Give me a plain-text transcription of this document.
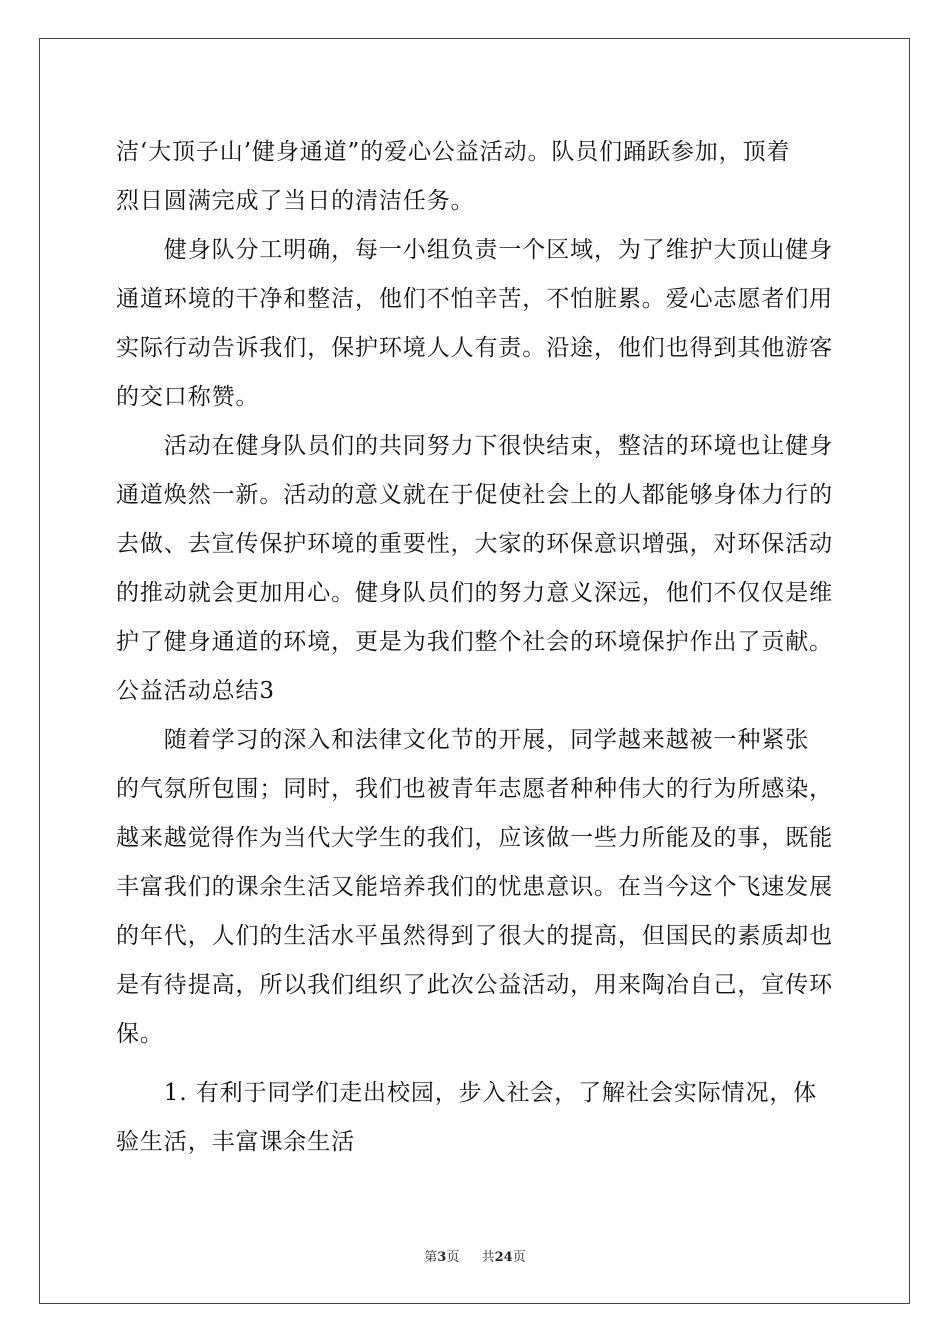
洁‘大顶子山’健身通道”的爱心公益活动。队员们踊跃参加，顶着
烈日圆满完成了当日的清洁任务。
　　健身队分工明确，每一小组负责一个区域，为了维护大顶山健身
通道环境的干净和整洁，他们不怕辛苦，不怕脏累。爱心志愿者们用
实际行动告诉我们，保护环境人人有责。沿途，他们也得到其他游客
的交口称赞。
　　活动在健身队员们的共同努力下很快结束，整洁的环境也让健身
通道焕然一新。活动的意义就在于促使社会上的人都能够身体力行的
去做、去宣传保护环境的重要性，大家的环保意识增强，对环保活动
的推动就会更加用心。健身队员们的努力意义深远，他们不仅仅是维
护了健身通道的环境，更是为我们整个社会的环境保护作出了贡献。
公益活动总结3
　　随着学习的深入和法律文化节的开展，同学越来越被一种紧张
的气氛所包围；同时，我们也被青年志愿者种种伟大的行为所感染，
越来越觉得作为当代大学生的我们，应该做一些力所能及的事，既能
丰富我们的课余生活又能培养我们的忧患意识。在当今这个飞速发展
的年代，人们的生活水平虽然得到了很大的提高，但国民的素质却也
是有待提高，所以我们组织了此次公益活动，用来陶冶自己，宣传环
保。
　　1. 有利于同学们走出校园，步入社会，了解社会实际情况，体
验生活，丰富课余生活
第3页 共24页
